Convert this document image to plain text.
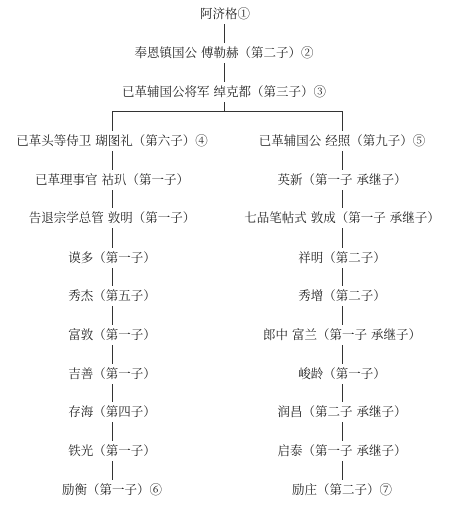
阿济格①
奉恩镇国公 傅勒赫（第二子）②
已革辅国公将军 绰克都（第三子）③
已革头等侍卫 瑚图礼（第六子）④
已革理事官 祜玐（第一子）
告退宗学总管 敦明（第一子）
谟多（第一子）
秀杰（第五子）
富敦（第一子）
吉善（第一子）
存海（第四子）
铁光（第一子）
励衡（第一子）⑥
已革辅国公 经照（第九子）⑤
英新（第一子 承继子）
七品笔帖式 敦成（第一子 承继子）
祥明（第二子）
秀增（第二子）
郎中 富兰（第一子 承继子）
峻龄（第一子）
润昌（第二子 承继子）
启泰（第一子 承继子）
励庄（第二子）⑦
